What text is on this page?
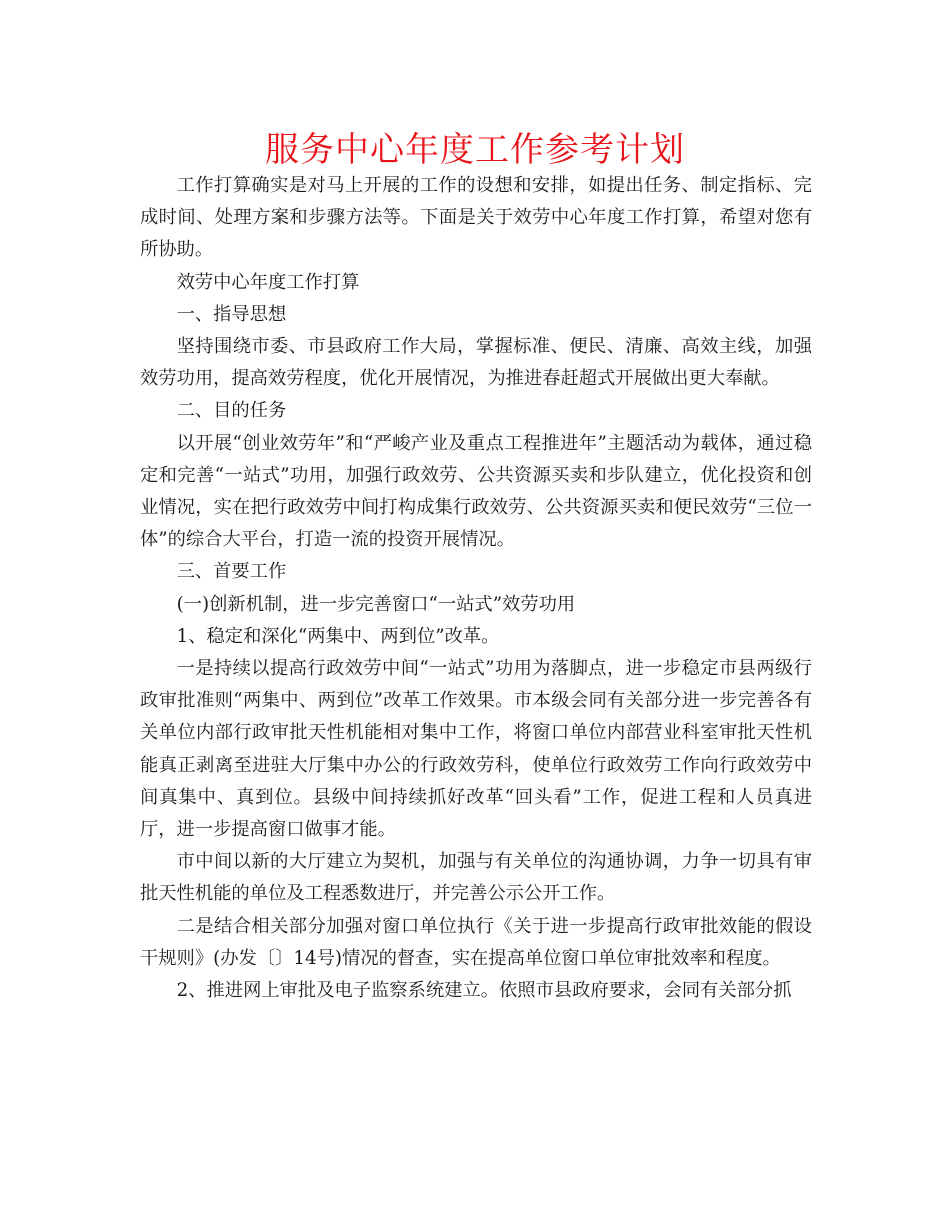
服务中心年度工作参考计划

工作打算确实是对马上开展的工作的设想和安排，如提出任务、制定指标、完成时间、处理方案和步骤方法等。下面是关于效劳中心年度工作打算，希望对您有所协助。

效劳中心年度工作打算

一、指导思想

坚持围绕市委、市县政府工作大局，掌握标准、便民、清廉、高效主线，加强效劳功用，提高效劳程度，优化开展情况，为推进春赶超式开展做出更大奉献。

二、目的任务

以开展“创业效劳年”和“严峻产业及重点工程推进年”主题活动为载体，通过稳定和完善“一站式”功用，加强行政效劳、公共资源买卖和步队建立，优化投资和创业情况，实在把行政效劳中间打构成集行政效劳、公共资源买卖和便民效劳“三位一体”的综合大平台，打造一流的投资开展情况。

三、首要工作

(一)创新机制，进一步完善窗口“一站式”效劳功用

1、稳定和深化“两集中、两到位”改革。

一是持续以提高行政效劳中间“一站式”功用为落脚点，进一步稳定市县两级行政审批准则“两集中、两到位”改革工作效果。市本级会同有关部分进一步完善各有关单位内部行政审批天性机能相对集中工作，将窗口单位内部营业科室审批天性机能真正剥离至进驻大厅集中办公的行政效劳科，使单位行政效劳工作向行政效劳中间真集中、真到位。县级中间持续抓好改革“回头看”工作，促进工程和人员真进厅，进一步提高窗口做事才能。

市中间以新的大厅建立为契机，加强与有关单位的沟通协调，力争一切具有审批天性机能的单位及工程悉数进厅，并完善公示公开工作。

二是结合相关部分加强对窗口单位执行《关于进一步提高行政审批效能的假设干规则》(办发〔〕14号)情况的督查，实在提高单位窗口单位审批效率和程度。

2、推进网上审批及电子监察系统建立。依照市县政府要求，会同有关部分抓
